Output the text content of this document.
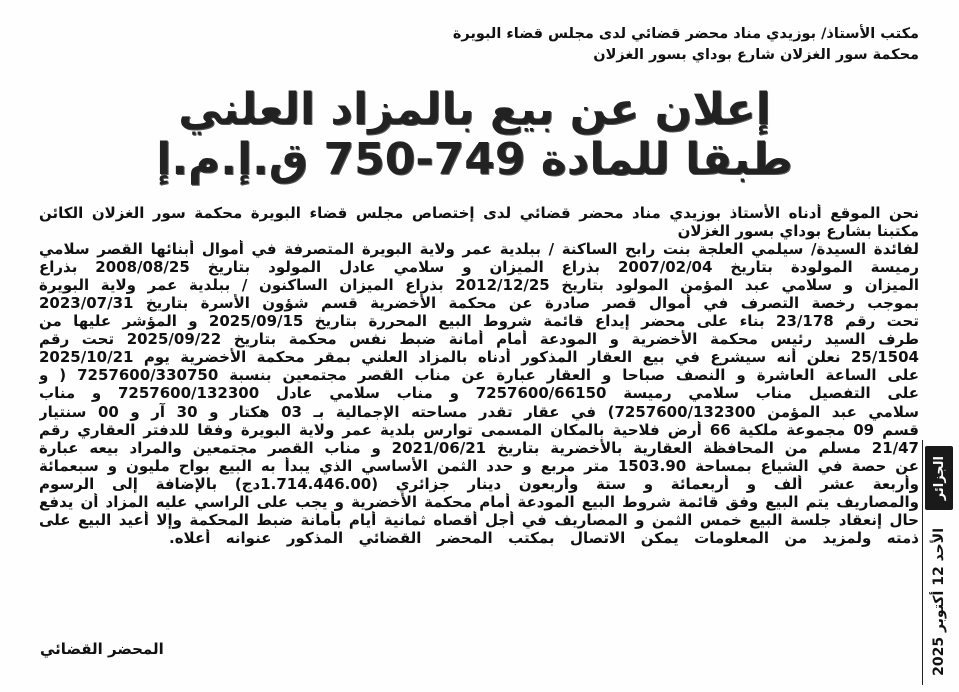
مكتب الأستاذ/ بوزيدي مناد محضر قضائي لدى مجلس قضاء البويرة
محكمة سور الغزلان شارع بوداي بسور الغزلان
إعلان عن بيع بالمزاد العلني
طبقا للمادة 749-750 ق.إ.م.إ
نحن الموقع أدناه الأستاذ بوزيدي مناد محضر قضائي لدى إختصاص مجلس قضاء البويرة محكمة سور الغزلان الكائن
مكتبنا بشارع بوداي بسور الغزلان
لفائدة السيدة/ سيلمي العلجة بنت رابح الساكنة / ببلدية عمر ولاية البويرة المتصرفة في أموال أبنائها القصر سلامي
رميسة المولودة بتاريخ 2007/02/04 بذراع الميزان و سلامي عادل المولود بتاريخ 2008/08/25 بذراع
الميزان و سلامي عبد المؤمن المولود بتاريخ 2012/12/25 بذراع الميزان الساكنون / ببلدية عمر ولاية البويرة
بموجب رخصة التصرف في أموال قصر صادرة عن محكمة الأخضرية قسم شؤون الأسرة بتاريخ 2023/07/31
تحت رقم 23/178 بناء على محضر إيداع قائمة شروط البيع المحررة بتاريخ 2025/09/15 و المؤشر عليها من
طرف السيد رئيس محكمة الأخضرية و المودعة أمام أمانة ضبط نفس محكمة بتاريخ 2025/09/22 تحت رقم
25/1504 نعلن أنه سيشرع في بيع العقار المذكور أدناه بالمزاد العلني بمقر محكمة الأخضرية يوم 2025/10/21
على الساعة العاشرة و النصف صباحا و العقار عبارة عن مناب القصر مجتمعين بنسبة 7257600/330750 ( و
على التفصيل مناب سلامي رميسة 7257600/66150 و مناب سلامي عادل 7257600/132300 و مناب
سلامي عبد المؤمن 7257600/132300) في عقار تقدر مساحته الإجمالية بـ 03 هكتار و 30 آر و 00 سنتيار
قسم 09 مجموعة ملكية 66 أرض فلاحية بالمكان المسمى توارس بلدية عمر ولاية البويرة وفقا للدفتر العقاري رقم
21/47 مسلم من المحافظة العقارية بالأخضرية بتاريخ 2021/06/21 و مناب القصر مجتمعين والمراد بيعه عبارة
عن حصة في الشياع بمساحة 1503.90 متر مربع و حدد الثمن الأساسي الذي يبدأ به البيع بواح مليون و سبعمائة
وأربعة عشر ألف و أربعمائة و ستة وأربعون دينار جزائري (1.714.446.00دج) بالإضافة إلى الرسوم
والمصاريف يتم البيع وفق قائمة شروط البيع المودعة أمام محكمة الأخضرية و يجب على الراسي عليه المزاد أن يدفع
حال إنعقاد جلسة البيع خمس الثمن و المصاريف في أجل أقصاه ثمانية أيام بأمانة ضبط المحكمة وإلا أعيد البيع على
ذمته ولمزيد من المعلومات يمكن الاتصال بمكتب المحضر القضائي المذكور عنوانه أعلاه.
المحضر القضائي
الجزائر
الأحد 12 أكتوبر 2025
